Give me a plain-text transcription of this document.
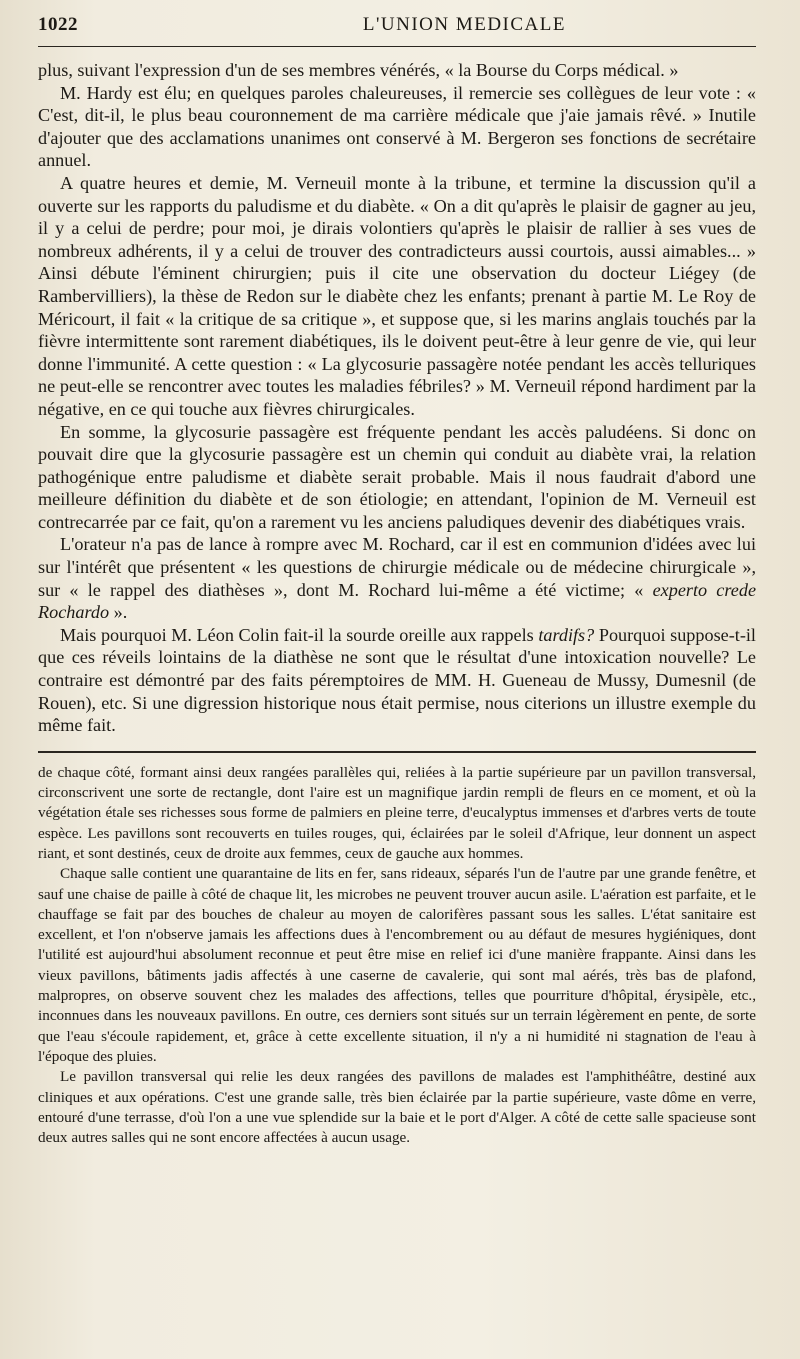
1022	L'UNION MEDICALE

plus, suivant l'expression d'un de ses membres vénérés, « la Bourse du Corps médical. »

M. Hardy est élu; en quelques paroles chaleureuses, il remercie ses collègues de leur vote : « C'est, dit-il, le plus beau couronnement de ma carrière médicale que j'aie jamais rêvé. » Inutile d'ajouter que des acclamations unanimes ont conservé à M. Bergeron ses fonctions de secrétaire annuel.

A quatre heures et demie, M. Verneuil monte à la tribune, et termine la discussion qu'il a ouverte sur les rapports du paludisme et du diabète. « On a dit qu'après le plaisir de gagner au jeu, il y a celui de perdre; pour moi, je dirais volontiers qu'après le plaisir de rallier à ses vues de nombreux adhérents, il y a celui de trouver des contradicteurs aussi courtois, aussi aimables... » Ainsi débute l'éminent chirurgien; puis il cite une observation du docteur Liégey (de Rambervilliers), la thèse de Redon sur le diabète chez les enfants; prenant à partie M. Le Roy de Méricourt, il fait « la critique de sa critique », et suppose que, si les marins anglais touchés par la fièvre intermittente sont rarement diabétiques, ils le doivent peut-être à leur genre de vie, qui leur donne l'immunité. A cette question : « La glycosurie passagère notée pendant les accès telluriques ne peut-elle se rencontrer avec toutes les maladies fébriles? » M. Verneuil répond hardiment par la négative, en ce qui touche aux fièvres chirurgicales.

En somme, la glycosurie passagère est fréquente pendant les accès paludéens. Si donc on pouvait dire que la glycosurie passagère est un chemin qui conduit au diabète vrai, la relation pathogénique entre paludisme et diabète serait probable. Mais il nous faudrait d'abord une meilleure définition du diabète et de son étiologie; en attendant, l'opinion de M. Verneuil est contrecarrée par ce fait, qu'on a rarement vu les anciens paludiques devenir des diabétiques vrais.

L'orateur n'a pas de lance à rompre avec M. Rochard, car il est en communion d'idées avec lui sur l'intérêt que présentent « les questions de chirurgie médicale ou de médecine chirurgicale », sur « le rappel des diathèses », dont M. Rochard lui-même a été victime; « experto crede Rochardo ».

Mais pourquoi M. Léon Colin fait-il la sourde oreille aux rappels tardifs? Pourquoi suppose-t-il que ces réveils lointains de la diathèse ne sont que le résultat d'une intoxication nouvelle? Le contraire est démontré par des faits péremptoires de MM. H. Gueneau de Mussy, Dumesnil (de Rouen), etc. Si une digression historique nous était permise, nous citerions un illustre exemple du même fait.

de chaque côté, formant ainsi deux rangées parallèles qui, reliées à la partie supérieure par un pavillon transversal, circonscrivent une sorte de rectangle, dont l'aire est un magnifique jardin rempli de fleurs en ce moment, et où la végétation étale ses richesses sous forme de palmiers en pleine terre, d'eucalyptus immenses et d'arbres verts de toute espèce. Les pavillons sont recouverts en tuiles rouges, qui, éclairées par le soleil d'Afrique, leur donnent un aspect riant, et sont destinés, ceux de droite aux femmes, ceux de gauche aux hommes.

Chaque salle contient une quarantaine de lits en fer, sans rideaux, séparés l'un de l'autre par une grande fenêtre, et sauf une chaise de paille à côté de chaque lit, les microbes ne peuvent trouver aucun asile. L'aération est parfaite, et le chauffage se fait par des bouches de chaleur au moyen de calorifères passant sous les salles. L'état sanitaire est excellent, et l'on n'observe jamais les affections dues à l'encombrement ou au défaut de mesures hygiéniques, dont l'utilité est aujourd'hui absolument reconnue et peut être mise en relief ici d'une manière frappante. Ainsi dans les vieux pavillons, bâtiments jadis affectés à une caserne de cavalerie, qui sont mal aérés, très bas de plafond, malpropres, on observe souvent chez les malades des affections, telles que pourriture d'hôpital, érysipèle, etc., inconnues dans les nouveaux pavillons. En outre, ces derniers sont situés sur un terrain légèrement en pente, de sorte que l'eau s'écoule rapidement, et, grâce à cette excellente situation, il n'y a ni humidité ni stagnation de l'eau à l'époque des pluies.

Le pavillon transversal qui relie les deux rangées des pavillons de malades est l'amphithéâtre, destiné aux cliniques et aux opérations. C'est une grande salle, très bien éclairée par la partie supérieure, vaste dôme en verre, entouré d'une terrasse, d'où l'on a une vue splendide sur la baie et le port d'Alger. A côté de cette salle spacieuse sont deux autres salles qui ne sont encore affectées à aucun usage.
